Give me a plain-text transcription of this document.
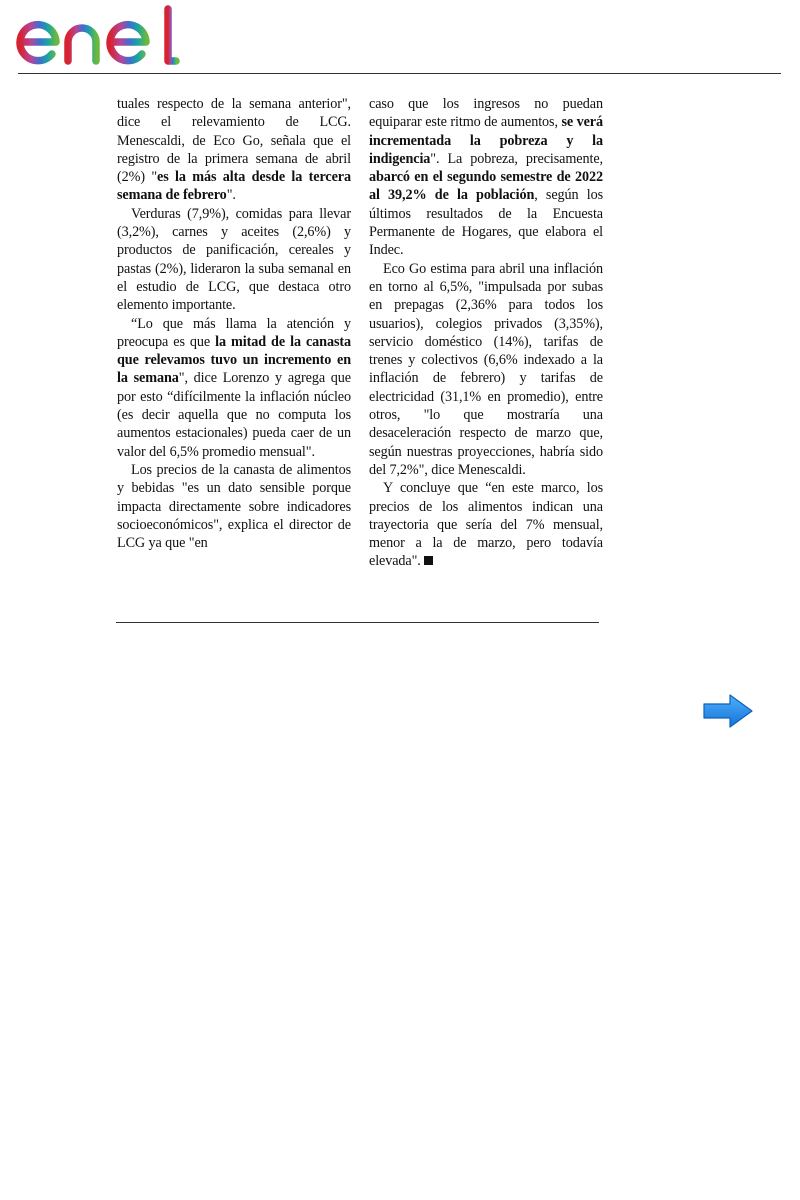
tuales respecto de la semana anterior", dice el relevamiento de LCG. Menescaldi, de Eco Go, señala que el registro de la primera semana de abril (2%) "es la más alta desde la tercera semana de febrero".

Verduras (7,9%), comidas para llevar (3,2%), carnes y aceites (2,6%) y productos de panificación, cereales y pastas (2%), lideraron la suba semanal en el estudio de LCG, que destaca otro elemento importante.

“Lo que más llama la atención y preocupa es que la mitad de la canasta que relevamos tuvo un incremento en la semana", dice Lorenzo y agrega que por esto “difícilmente la inflación núcleo (es decir aquella que no computa los aumentos estacionales) pueda caer de un valor del 6,5% promedio mensual".

Los precios de la canasta de alimentos y bebidas "es un dato sensible porque impacta directamente sobre indicadores socioeconómicos", explica el director de LCG ya que "en

caso que los ingresos no puedan equiparar este ritmo de aumentos, se verá incrementada la pobreza y la indigencia". La pobreza, precisamente, abarcó en el segundo semestre de 2022 al 39,2% de la población, según los últimos resultados de la Encuesta Permanente de Hogares, que elabora el Indec.

Eco Go estima para abril una inflación en torno al 6,5%, "impulsada por subas en prepagas (2,36% para todos los usuarios), colegios privados (3,35%), servicio doméstico (14%), tarifas de trenes y colectivos (6,6% indexado a la inflación de febrero) y tarifas de electricidad (31,1% en promedio), entre otros, "lo que mostraría una desaceleración respecto de marzo que, según nuestras proyecciones, habría sido del 7,2%", dice Menescaldi.

Y concluye que “en este marco, los precios de los alimentos indican una trayectoria que sería del 7% mensual, menor a la de marzo, pero todavía elevada".
